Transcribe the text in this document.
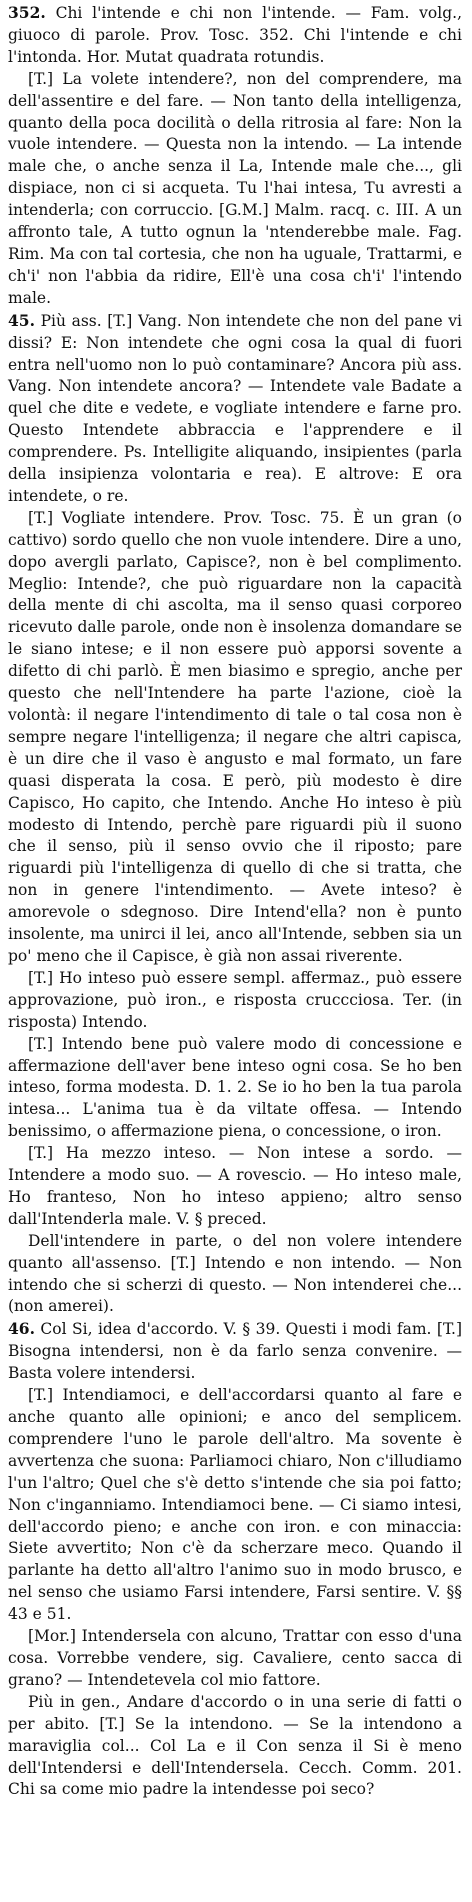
352. Chi l'intende e chi non l'intende. — Fam. volg., giuoco di parole. Prov. Tosc. 352. Chi l'intende e chi l'intonda. Hor. Mutat quadrata rotundis.

[T.] La volete intendere?, non del comprendere, ma dell'assentire e del fare. — Non tanto della intelligenza, quanto della poca docilità o della ritrosia al fare: Non la vuole intendere. — Questa non la intendo. — La intende male che, o anche senza il La, Intende male che..., gli dispiace, non ci si acqueta. Tu l'hai intesa, Tu avresti a intenderla; con corruccio. [G.M.] Malm. racq. c. III. A un affronto tale, A tutto ognun la 'ntenderebbe male. Fag. Rim. Ma con tal cortesia, che non ha uguale, Trattarmi, e ch'i' non l'abbia da ridire, Ell'è una cosa ch'i' l'intendo male.

45. Più ass. [T.] Vang. Non intendete che non del pane vi dissi? E: Non intendete che ogni cosa la qual di fuori entra nell'uomo non lo può contaminare? Ancora più ass. Vang. Non intendete ancora? — Intendete vale Badate a quel che dite e vedete, e vogliate intendere e farne pro. Questo Intendete abbraccia e l'apprendere e il comprendere. Ps. Intelligite aliquando, insipientes (parla della insipienza volontaria e rea). E altrove: E ora intendete, o re.

[T.] Vogliate intendere. Prov. Tosc. 75. È un gran (o cattivo) sordo quello che non vuole intendere. Dire a uno, dopo avergli parlato, Capisce?, non è bel complimento. Meglio: Intende?, che può riguardare non la capacità della mente di chi ascolta, ma il senso quasi corporeo ricevuto dalle parole, onde non è insolenza domandare se le siano intese; e il non essere può apporsi sovente a difetto di chi parlò. È men biasimo e spregio, anche per questo che nell'Intendere ha parte l'azione, cioè la volontà: il negare l'intendimento di tale o tal cosa non è sempre negare l'intelligenza; il negare che altri capisca, è un dire che il vaso è angusto e mal formato, un fare quasi disperata la cosa. E però, più modesto è dire Capisco, Ho capito, che Intendo. Anche Ho inteso è più modesto di Intendo, perchè pare riguardi più il suono che il senso, più il senso ovvio che il riposto; pare riguardi più l'intelligenza di quello di che si tratta, che non in genere l'intendimento. — Avete inteso? è amorevole o sdegnoso. Dire Intend'ella? non è punto insolente, ma unirci il lei, anco all'Intende, sebben sia un po' meno che il Capisce, è già non assai riverente.

[T.] Ho inteso può essere sempl. affermaz., può essere approvazione, può iron., e risposta cruccciosa. Ter. (in risposta) Intendo.

[T.] Intendo bene può valere modo di concessione e affermazione dell'aver bene inteso ogni cosa. Se ho ben inteso, forma modesta. D. 1. 2. Se io ho ben la tua parola intesa... L'anima tua è da viltate offesa. — Intendo benissimo, o affermazione piena, o concessione, o iron.

[T.] Ha mezzo inteso. — Non intese a sordo. — Intendere a modo suo. — A rovescio. — Ho inteso male, Ho franteso, Non ho inteso appieno; altro senso dall'Intenderla male. V. § preced.

Dell'intendere in parte, o del non volere intendere quanto all'assenso. [T.] Intendo e non intendo. — Non intendo che si scherzi di questo. — Non intenderei che... (non amerei).

46. Col Si, idea d'accordo. V. § 39. Questi i modi fam. [T.] Bisogna intendersi, non è da farlo senza convenire. — Basta volere intendersi.

[T.] Intendiamoci, e dell'accordarsi quanto al fare e anche quanto alle opinioni; e anco del semplicem. comprendere l'uno le parole dell'altro. Ma sovente è avvertenza che suona: Parliamoci chiaro, Non c'illudiamo l'un l'altro; Quel che s'è detto s'intende che sia poi fatto; Non c'inganniamo. Intendiamoci bene. — Ci siamo intesi, dell'accordo pieno; e anche con iron. e con minaccia: Siete avvertito; Non c'è da scherzare meco. Quando il parlante ha detto all'altro l'animo suo in modo brusco, e nel senso che usiamo Farsi intendere, Farsi sentire. V. §§ 43 e 51.

[Mor.] Intendersela con alcuno, Trattar con esso d'una cosa. Vorrebbe vendere, sig. Cavaliere, cento sacca di grano? — Intendetevela col mio fattore.

Più in gen., Andare d'accordo o in una serie di fatti o per abito. [T.] Se la intendono. — Se la intendono a maraviglia col... Col La e il Con senza il Si è meno dell'Intendersi e dell'Intendersela. Cecch. Comm. 201. Chi sa come mio padre la intendesse poi seco?
